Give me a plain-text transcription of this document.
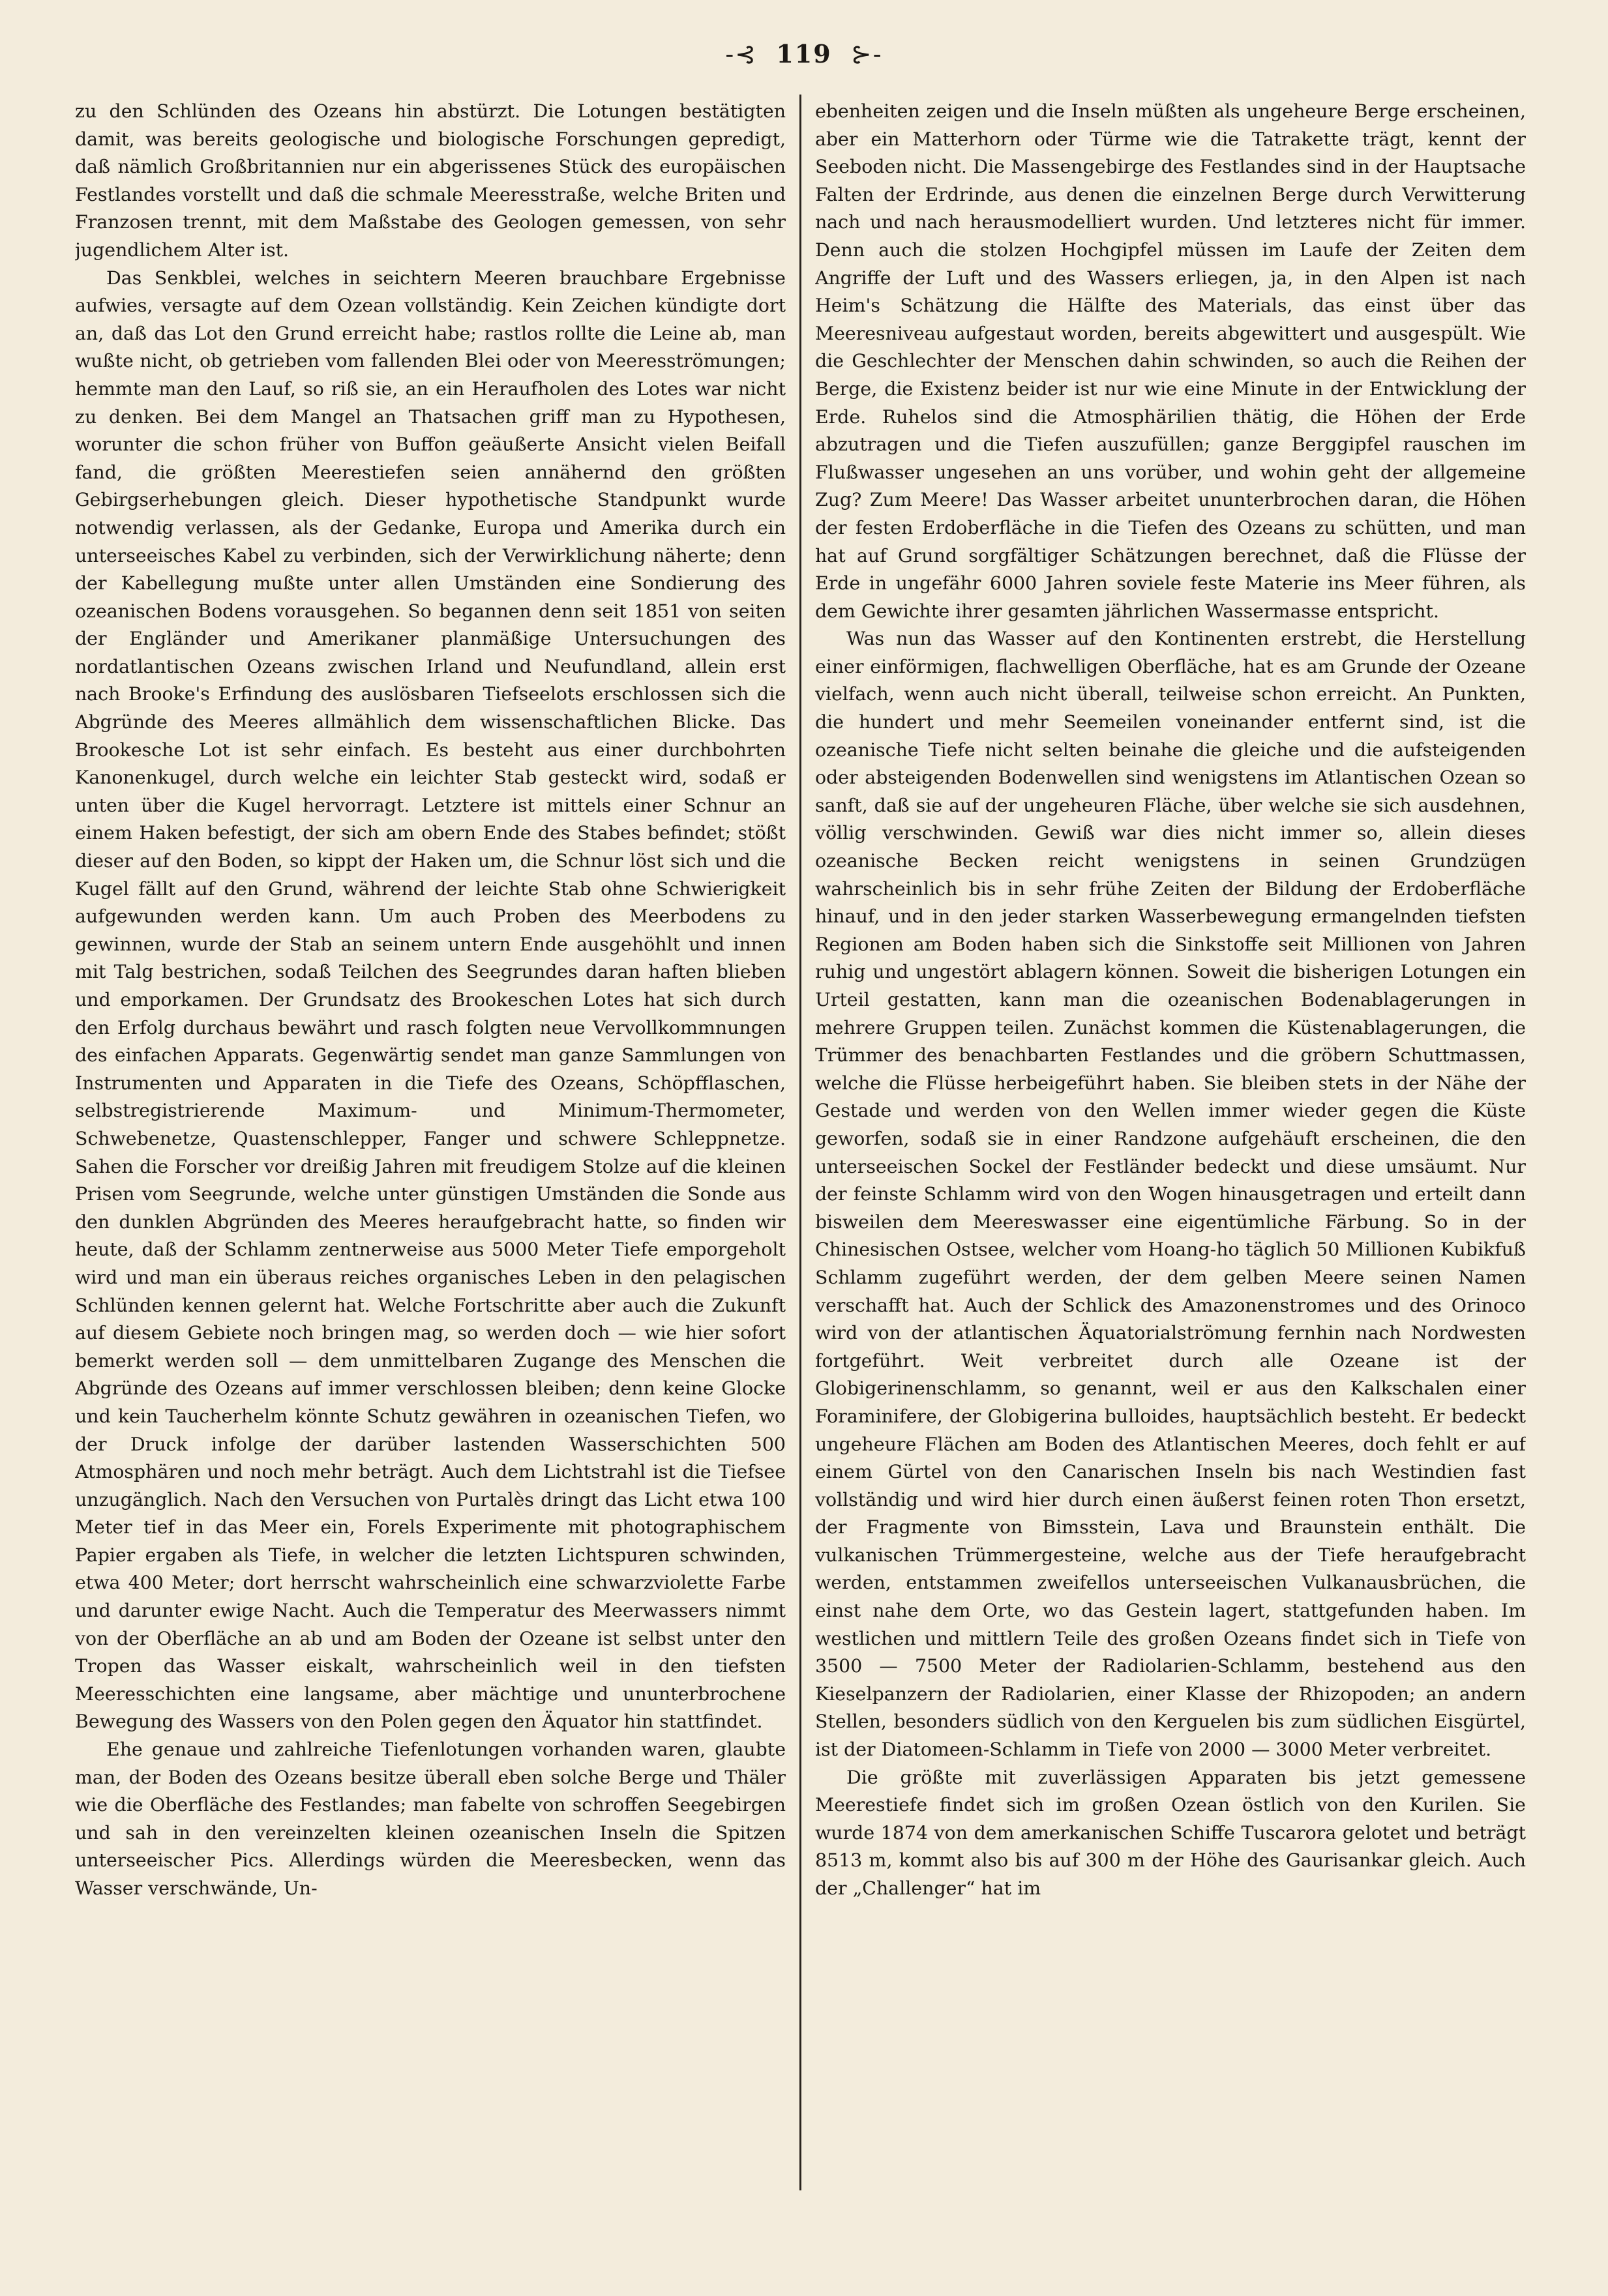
-⊰ 119 ⊱-

zu den Schlünden des Ozeans hin abstürzt. Die Lotungen bestätigten damit, was bereits geologische und biologische Forschungen gepredigt, daß nämlich Großbritannien nur ein abgerissenes Stück des europäischen Festlandes vorstellt und daß die schmale Meeresstraße, welche Briten und Franzosen trennt, mit dem Maßstabe des Geologen gemessen, von sehr jugendlichem Alter ist.

Das Senkblei, welches in seichtern Meeren brauchbare Ergebnisse aufwies, versagte auf dem Ozean vollständig. Kein Zeichen kündigte dort an, daß das Lot den Grund erreicht habe; rastlos rollte die Leine ab, man wußte nicht, ob getrieben vom fallenden Blei oder von Meeresströmungen; hemmte man den Lauf, so riß sie, an ein Heraufholen des Lotes war nicht zu denken. Bei dem Mangel an Thatsachen griff man zu Hypothesen, worunter die schon früher von Buffon geäußerte Ansicht vielen Beifall fand, die größten Meerestiefen seien annähernd den größten Gebirgserhebungen gleich. Dieser hypothetische Standpunkt wurde notwendig verlassen, als der Gedanke, Europa und Amerika durch ein unterseeisches Kabel zu verbinden, sich der Verwirklichung näherte; denn der Kabellegung mußte unter allen Umständen eine Sondierung des ozeanischen Bodens vorausgehen. So begannen denn seit 1851 von seiten der Engländer und Amerikaner planmäßige Untersuchungen des nordatlantischen Ozeans zwischen Irland und Neufundland, allein erst nach Brooke's Erfindung des auslösbaren Tiefseelots erschlossen sich die Abgründe des Meeres allmählich dem wissenschaftlichen Blicke. Das Brookesche Lot ist sehr einfach. Es besteht aus einer durchbohrten Kanonenkugel, durch welche ein leichter Stab gesteckt wird, sodaß er unten über die Kugel hervorragt. Letztere ist mittels einer Schnur an einem Haken befestigt, der sich am obern Ende des Stabes befindet; stößt dieser auf den Boden, so kippt der Haken um, die Schnur löst sich und die Kugel fällt auf den Grund, während der leichte Stab ohne Schwierigkeit aufgewunden werden kann. Um auch Proben des Meerbodens zu gewinnen, wurde der Stab an seinem untern Ende ausgehöhlt und innen mit Talg bestrichen, sodaß Teilchen des Seegrundes daran haften blieben und emporkamen. Der Grundsatz des Brookeschen Lotes hat sich durch den Erfolg durchaus bewährt und rasch folgten neue Vervollkommnungen des einfachen Apparats. Gegenwärtig sendet man ganze Sammlungen von Instrumenten und Apparaten in die Tiefe des Ozeans, Schöpfflaschen, selbstregistrierende Maximum- und Minimum-Thermometer, Schwebenetze, Quastenschlepper, Fanger und schwere Schleppnetze. Sahen die Forscher vor dreißig Jahren mit freudigem Stolze auf die kleinen Prisen vom Seegrunde, welche unter günstigen Umständen die Sonde aus den dunklen Abgründen des Meeres heraufgebracht hatte, so finden wir heute, daß der Schlamm zentnerweise aus 5000 Meter Tiefe emporgeholt wird und man ein überaus reiches organisches Leben in den pelagischen Schlünden kennen gelernt hat. Welche Fortschritte aber auch die Zukunft auf diesem Gebiete noch bringen mag, so werden doch — wie hier sofort bemerkt werden soll — dem unmittelbaren Zugange des Menschen die Abgründe des Ozeans auf immer verschlossen bleiben; denn keine Glocke und kein Taucherhelm könnte Schutz gewähren in ozeanischen Tiefen, wo der Druck infolge der darüber lastenden Wasserschichten 500 Atmosphären und noch mehr beträgt. Auch dem Lichtstrahl ist die Tiefsee unzugänglich. Nach den Versuchen von Purtalès dringt das Licht etwa 100 Meter tief in das Meer ein, Forels Experimente mit photographischem Papier ergaben als Tiefe, in welcher die letzten Lichtspuren schwinden, etwa 400 Meter; dort herrscht wahrscheinlich eine schwarzviolette Farbe und darunter ewige Nacht. Auch die Temperatur des Meerwassers nimmt von der Oberfläche an ab und am Boden der Ozeane ist selbst unter den Tropen das Wasser eiskalt, wahrscheinlich weil in den tiefsten Meeresschichten eine langsame, aber mächtige und ununterbrochene Bewegung des Wassers von den Polen gegen den Äquator hin stattfindet.

Ehe genaue und zahlreiche Tiefenlotungen vorhanden waren, glaubte man, der Boden des Ozeans besitze überall eben solche Berge und Thäler wie die Oberfläche des Festlandes; man fabelte von schroffen Seegebirgen und sah in den vereinzelten kleinen ozeanischen Inseln die Spitzen unterseeischer Pics. Allerdings würden die Meeresbecken, wenn das Wasser verschwände, Un-

ebenheiten zeigen und die Inseln müßten als ungeheure Berge erscheinen, aber ein Matterhorn oder Türme wie die Tatrakette trägt, kennt der Seeboden nicht. Die Massengebirge des Festlandes sind in der Hauptsache Falten der Erdrinde, aus denen die einzelnen Berge durch Verwitterung nach und nach herausmodelliert wurden. Und letzteres nicht für immer. Denn auch die stolzen Hochgipfel müssen im Laufe der Zeiten dem Angriffe der Luft und des Wassers erliegen, ja, in den Alpen ist nach Heim's Schätzung die Hälfte des Materials, das einst über das Meeresniveau aufgestaut worden, bereits abgewittert und ausgespült. Wie die Geschlechter der Menschen dahin schwinden, so auch die Reihen der Berge, die Existenz beider ist nur wie eine Minute in der Entwicklung der Erde. Ruhelos sind die Atmosphärilien thätig, die Höhen der Erde abzutragen und die Tiefen auszufüllen; ganze Berggipfel rauschen im Flußwasser ungesehen an uns vorüber, und wohin geht der allgemeine Zug? Zum Meere! Das Wasser arbeitet ununterbrochen daran, die Höhen der festen Erdoberfläche in die Tiefen des Ozeans zu schütten, und man hat auf Grund sorgfältiger Schätzungen berechnet, daß die Flüsse der Erde in ungefähr 6000 Jahren soviele feste Materie ins Meer führen, als dem Gewichte ihrer gesamten jährlichen Wassermasse entspricht.

Was nun das Wasser auf den Kontinenten erstrebt, die Herstellung einer einförmigen, flachwelligen Oberfläche, hat es am Grunde der Ozeane vielfach, wenn auch nicht überall, teilweise schon erreicht. An Punkten, die hundert und mehr Seemeilen voneinander entfernt sind, ist die ozeanische Tiefe nicht selten beinahe die gleiche und die aufsteigenden oder absteigenden Bodenwellen sind wenigstens im Atlantischen Ozean so sanft, daß sie auf der ungeheuren Fläche, über welche sie sich ausdehnen, völlig verschwinden. Gewiß war dies nicht immer so, allein dieses ozeanische Becken reicht wenigstens in seinen Grundzügen wahrscheinlich bis in sehr frühe Zeiten der Bildung der Erdoberfläche hinauf, und in den jeder starken Wasserbewegung ermangelnden tiefsten Regionen am Boden haben sich die Sinkstoffe seit Millionen von Jahren ruhig und ungestört ablagern können. Soweit die bisherigen Lotungen ein Urteil gestatten, kann man die ozeanischen Bodenablagerungen in mehrere Gruppen teilen. Zunächst kommen die Küstenablagerungen, die Trümmer des benachbarten Festlandes und die gröbern Schuttmassen, welche die Flüsse herbeigeführt haben. Sie bleiben stets in der Nähe der Gestade und werden von den Wellen immer wieder gegen die Küste geworfen, sodaß sie in einer Randzone aufgehäuft erscheinen, die den unterseeischen Sockel der Festländer bedeckt und diese umsäumt. Nur der feinste Schlamm wird von den Wogen hinausgetragen und erteilt dann bisweilen dem Meereswasser eine eigentümliche Färbung. So in der Chinesischen Ostsee, welcher vom Hoang-ho täglich 50 Millionen Kubikfuß Schlamm zugeführt werden, der dem gelben Meere seinen Namen verschafft hat. Auch der Schlick des Amazonenstromes und des Orinoco wird von der atlantischen Äquatorialströmung fernhin nach Nordwesten fortgeführt. Weit verbreitet durch alle Ozeane ist der Globigerinenschlamm, so genannt, weil er aus den Kalkschalen einer Foraminifere, der Globigerina bulloides, hauptsächlich besteht. Er bedeckt ungeheure Flächen am Boden des Atlantischen Meeres, doch fehlt er auf einem Gürtel von den Canarischen Inseln bis nach Westindien fast vollständig und wird hier durch einen äußerst feinen roten Thon ersetzt, der Fragmente von Bimsstein, Lava und Braunstein enthält. Die vulkanischen Trümmergesteine, welche aus der Tiefe heraufgebracht werden, entstammen zweifellos unterseeischen Vulkanausbrüchen, die einst nahe dem Orte, wo das Gestein lagert, stattgefunden haben. Im westlichen und mittlern Teile des großen Ozeans findet sich in Tiefe von 3500 — 7500 Meter der Radiolarien-Schlamm, bestehend aus den Kieselpanzern der Radiolarien, einer Klasse der Rhizopoden; an andern Stellen, besonders südlich von den Kerguelen bis zum südlichen Eisgürtel, ist der Diatomeen-Schlamm in Tiefe von 2000 — 3000 Meter verbreitet.

Die größte mit zuverlässigen Apparaten bis jetzt gemessene Meerestiefe findet sich im großen Ozean östlich von den Kurilen. Sie wurde 1874 von dem amerkanischen Schiffe Tuscarora gelotet und beträgt 8513 m, kommt also bis auf 300 m der Höhe des Gaurisankar gleich. Auch der „Challenger“ hat im
